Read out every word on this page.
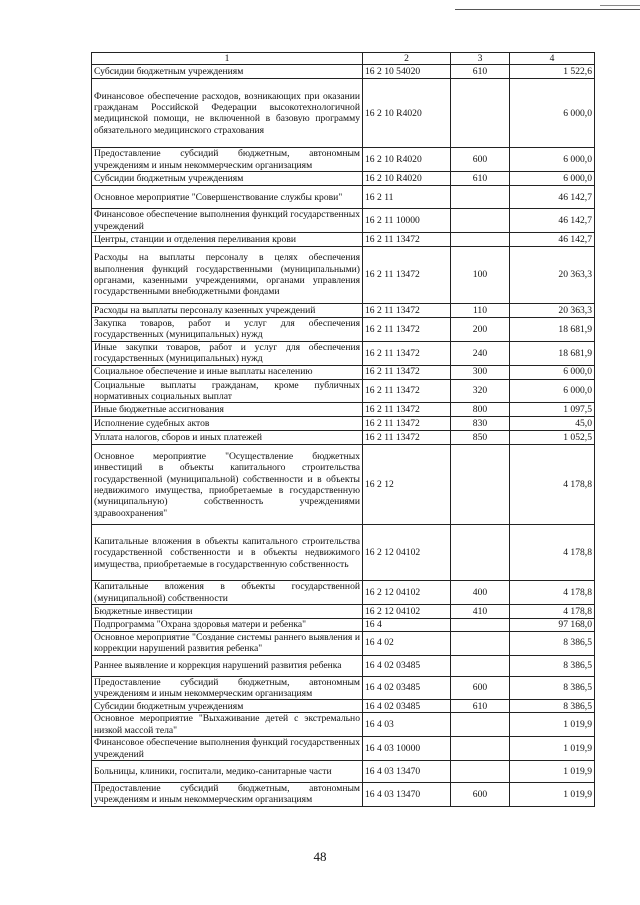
1	2	3	4
Субсидии бюджетным учреждениям	16 2 10 54020	610	1 522,6
Финансовое обеспечение расходов, возникающих при оказании гражданам Российской Федерации высокотехнологичной медицинской помощи, не включенной в базовую программу обязательного медицинского страхования	16 2 10 R4020		6 000,0
Предоставление субсидий бюджетным, автономным учреждениям и иным некоммерческим организациям	16 2 10 R4020	600	6 000,0
Субсидии бюджетным учреждениям	16 2 10 R4020	610	6 000,0
Основное мероприятие "Совершенствование службы крови"	16 2 11		46 142,7
Финансовое обеспечение выполнения функций государственных учреждений	16 2 11 10000		46 142,7
Центры, станции и отделения переливания крови	16 2 11 13472		46 142,7
Расходы на выплаты персоналу в целях обеспечения выполнения функций государственными (муниципальными) органами, казенными учреждениями, органами управления государственными внебюджетными фондами	16 2 11 13472	100	20 363,3
Расходы на выплаты персоналу казенных учреждений	16 2 11 13472	110	20 363,3
Закупка товаров, работ и услуг для обеспечения государственных (муниципальных) нужд	16 2 11 13472	200	18 681,9
Иные закупки товаров, работ и услуг для обеспечения государственных (муниципальных) нужд	16 2 11 13472	240	18 681,9
Социальное обеспечение и иные выплаты населению	16 2 11 13472	300	6 000,0
Социальные выплаты гражданам, кроме публичных нормативных социальных выплат	16 2 11 13472	320	6 000,0
Иные бюджетные ассигнования	16 2 11 13472	800	1 097,5
Исполнение судебных актов	16 2 11 13472	830	45,0
Уплата налогов, сборов и иных платежей	16 2 11 13472	850	1 052,5
Основное мероприятие "Осуществление бюджетных инвестиций в объекты капитального строительства государственной (муниципальной) собственности и в объекты недвижимого имущества, приобретаемые в государственную (муниципальную) собственность учреждениями здравоохранения"	16 2 12		4 178,8
Капитальные вложения в объекты капитального строительства государственной собственности и в объекты недвижимого имущества, приобретаемые в государственную собственность	16 2 12 04102		4 178,8
Капитальные вложения в объекты государственной (муниципальной) собственности	16 2 12 04102	400	4 178,8
Бюджетные инвестиции	16 2 12 04102	410	4 178,8
Подпрограмма "Охрана здоровья матери и ребенка"	16 4		97 168,0
Основное мероприятие "Создание системы раннего выявления и коррекции нарушений развития ребенка"	16 4 02		8 386,5
Раннее выявление и коррекция нарушений развития ребенка	16 4 02 03485		8 386,5
Предоставление субсидий бюджетным, автономным учреждениям и иным некоммерческим организациям	16 4 02 03485	600	8 386,5
Субсидии бюджетным учреждениям	16 4 02 03485	610	8 386,5
Основное мероприятие "Выхаживание детей с экстремально низкой массой тела"	16 4 03		1 019,9
Финансовое обеспечение выполнения функций государственных учреждений	16 4 03 10000		1 019,9
Больницы, клиники, госпитали, медико-санитарные части	16 4 03 13470		1 019,9
Предоставление субсидий бюджетным, автономным учреждениям и иным некоммерческим организациям	16 4 03 13470	600	1 019,9
48
